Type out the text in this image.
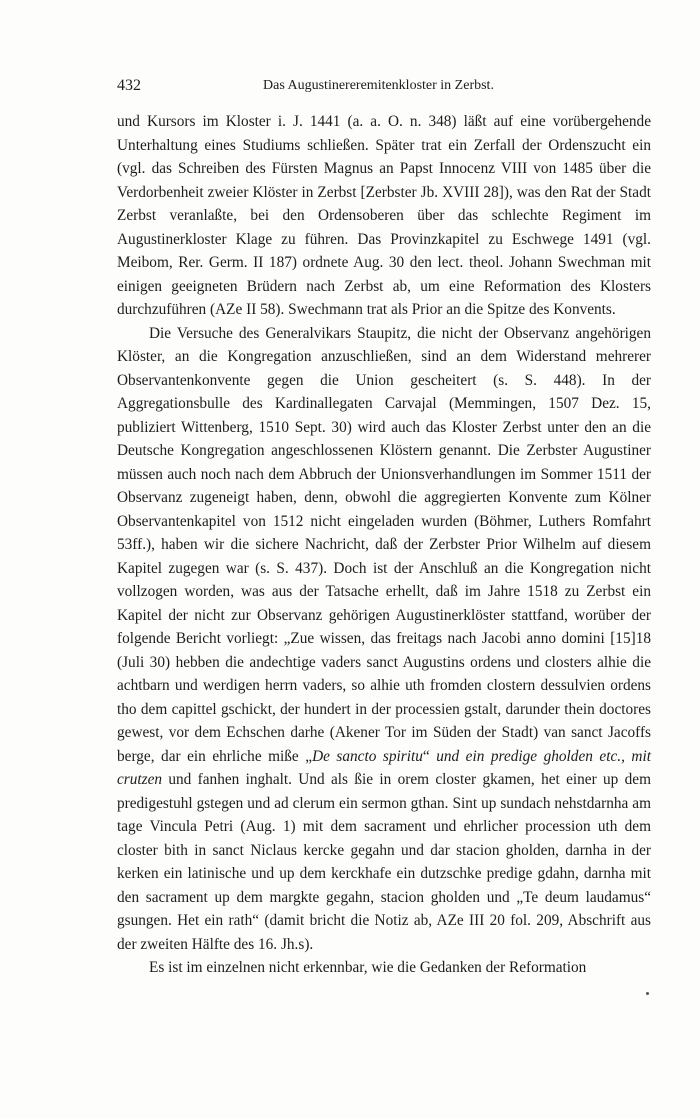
432	Das Augustinereremitenkloster in Zerbst.

und Kursors im Kloster i. J. 1441 (a. a. O. n. 348) läßt auf eine vorübergehende Unterhaltung eines Studiums schließen. Später trat ein Zerfall der Ordenszucht ein (vgl. das Schreiben des Fürsten Magnus an Papst Innocenz VIII von 1485 über die Verdorbenheit zweier Klöster in Zerbst [Zerbster Jb. XVIII 28]), was den Rat der Stadt Zerbst veranlaßte, bei den Ordensoberen über das schlechte Regiment im Augustinerkloster Klage zu führen. Das Provinzkapitel zu Eschwege 1491 (vgl. Meibom, Rer. Germ. II 187) ordnete Aug. 30 den lect. theol. Johann Swechman mit einigen geeigneten Brüdern nach Zerbst ab, um eine Reformation des Klosters durchzuführen (AZe II 58). Swechmann trat als Prior an die Spitze des Konvents.

Die Versuche des Generalvikars Staupitz, die nicht der Observanz angehörigen Klöster, an die Kongregation anzuschließen, sind an dem Widerstand mehrerer Observantenkonvente gegen die Union gescheitert (s. S. 448). In der Aggregationsbulle des Kardinallegaten Carvajal (Memmingen, 1507 Dez. 15, publiziert Wittenberg, 1510 Sept. 30) wird auch das Kloster Zerbst unter den an die Deutsche Kongregation angeschlossenen Klöstern genannt. Die Zerbster Augustiner müssen auch noch nach dem Abbruch der Unionsverhandlungen im Sommer 1511 der Observanz zugeneigt haben, denn, obwohl die aggregierten Konvente zum Kölner Observantenkapitel von 1512 nicht eingeladen wurden (Böhmer, Luthers Romfahrt 53ff.), haben wir die sichere Nachricht, daß der Zerbster Prior Wilhelm auf diesem Kapitel zugegen war (s. S. 437). Doch ist der Anschluß an die Kongregation nicht vollzogen worden, was aus der Tatsache erhellt, daß im Jahre 1518 zu Zerbst ein Kapitel der nicht zur Observanz gehörigen Augustinerklöster stattfand, worüber der folgende Bericht vorliegt: „Zue wissen, das freitags nach Jacobi anno domini [15]18 (Juli 30) hebben die andechtige vaders sanct Augustins ordens und closters alhie die achtbarn und werdigen herrn vaders, so alhie uth fromden clostern dessulvien ordens tho dem capittel gschickt, der hundert in der processien gstalt, darunder thein doctores gewest, vor dem Echschen darhe (Akener Tor im Süden der Stadt) van sanct Jacoffs berge, dar ein ehrliche mißе „De sancto spiritu“ und ein predige gholden etc., mit crutzen und fanhen inghalt. Und als ßie in orem closter gkamen, het einer up dem predigestuhl gstegen und ad clerum ein sermon gthan. Sint up sundach nehstdarnha am tage Vincula Petri (Aug. 1) mit dem sacrament und ehrlicher procession uth dem closter bith in sanct Niclaus kercke gegahn und dar stacion gholden, darnha in der kerken ein latinische und up dem kerckhafe ein dutzschke predige gdahn, darnha mit den sacrament up dem margkte gegahn, stacion gholden und „Te deum laudamus“ gsungen. Het ein rath“ (damit bricht die Notiz ab, AZe III 20 fol. 209, Abschrift aus der zweiten Hälfte des 16. Jh.s).

Es ist im einzelnen nicht erkennbar, wie die Gedanken der Reformation
